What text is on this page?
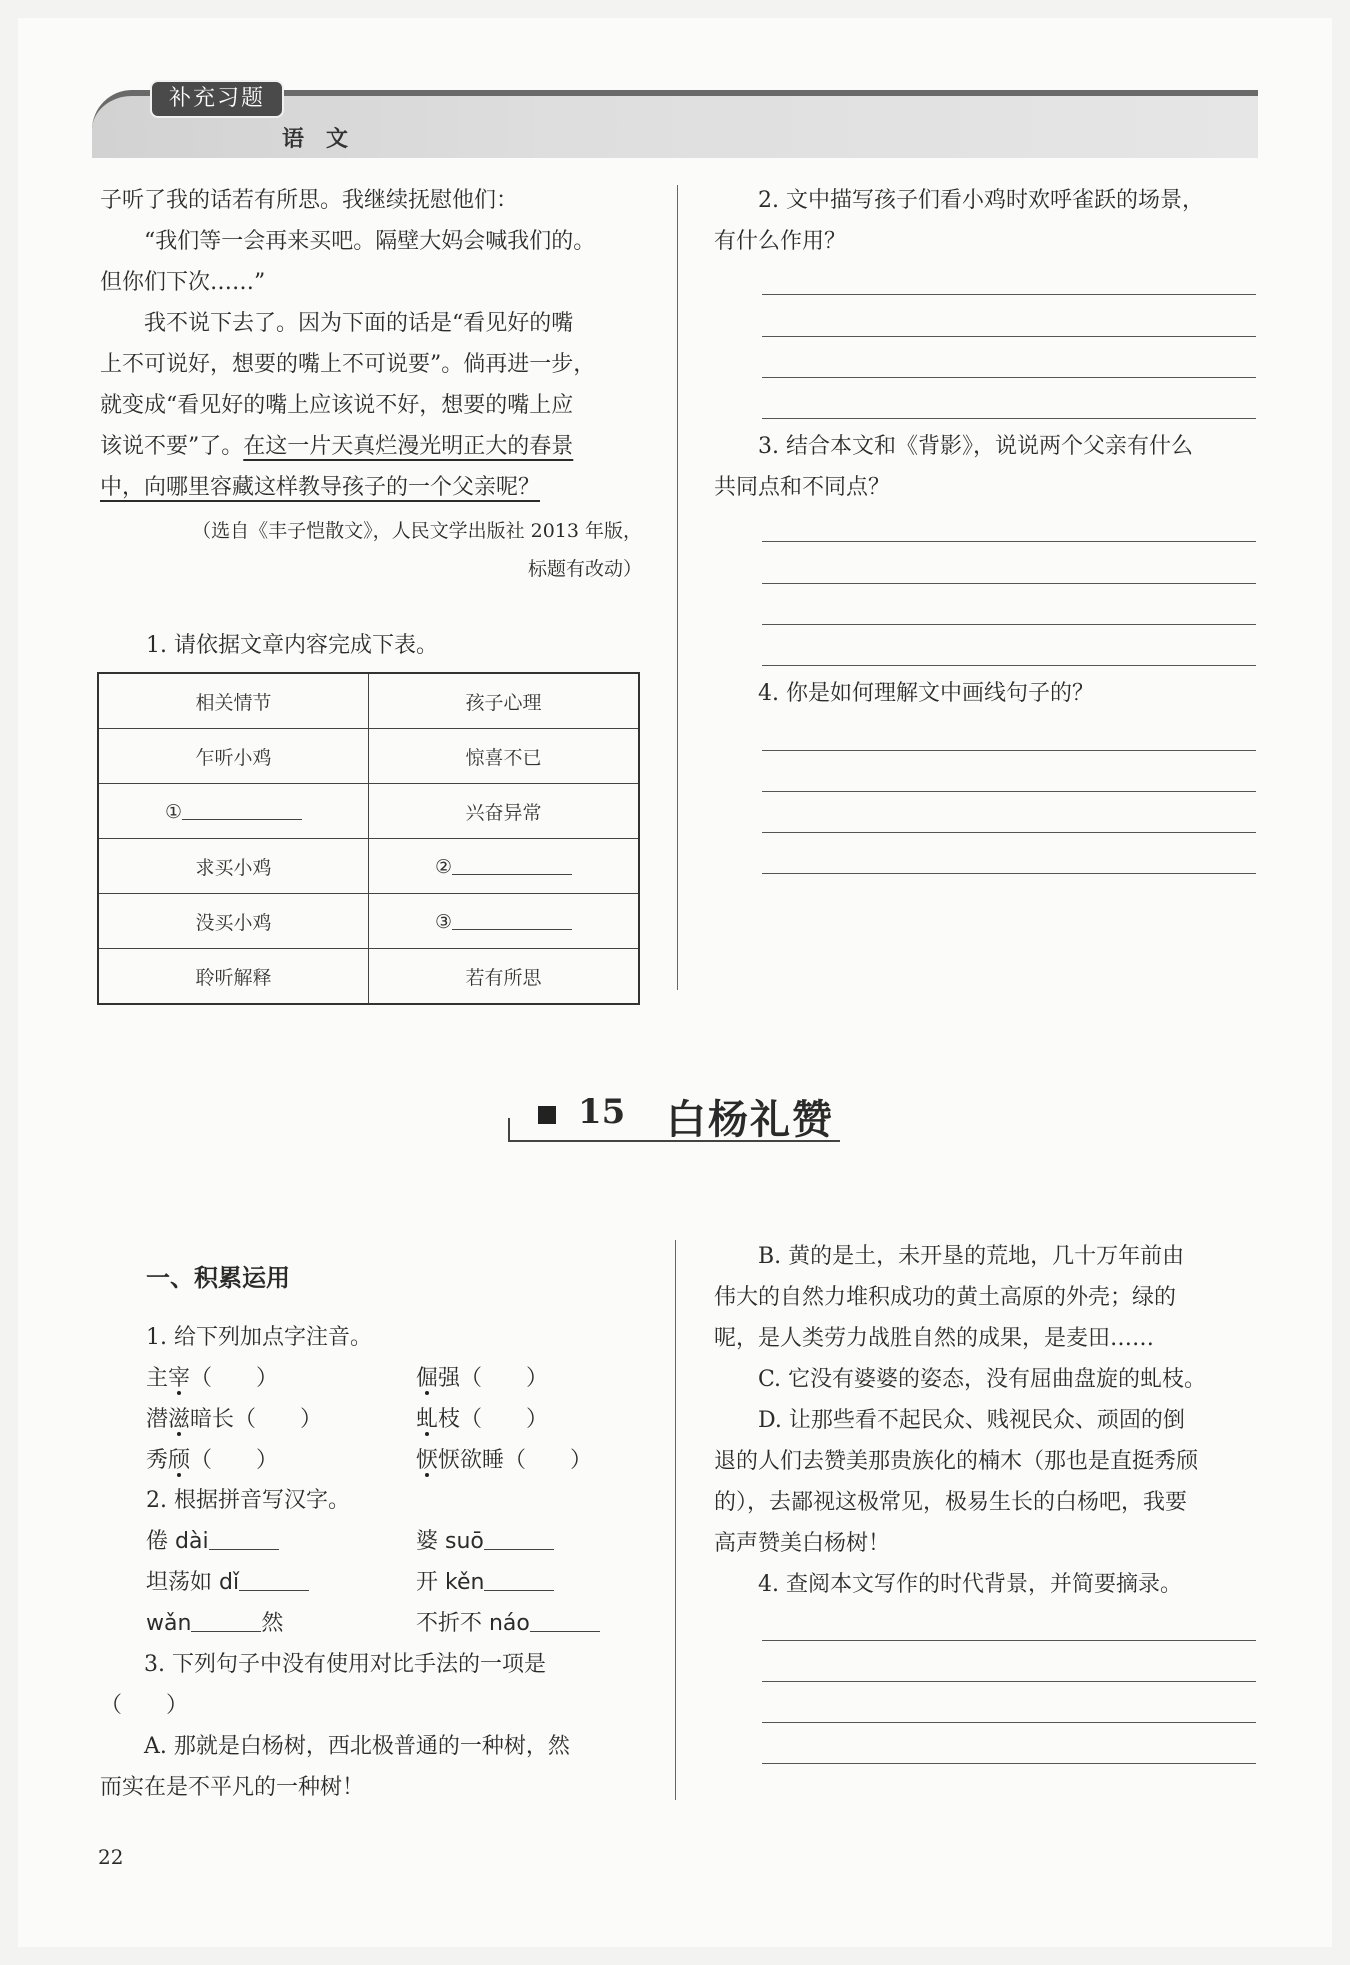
补充习题
语　文

子听了我的话若有所思。我继续抚慰他们：

“我们等一会再来买吧。隔壁大妈会喊我们的。

但你们下次……”

我不说下去了。因为下面的话是“看见好的嘴

上不可说好，想要的嘴上不可说要”。倘再进一步，

就变成“看见好的嘴上应该说不好，想要的嘴上应

该说不要”了。在这一片天真烂漫光明正大的春景

中，向哪里容藏这样教导孩子的一个父亲呢？

（选自《丰子恺散文》，人民文学出版社 2013 年版，
标题有改动）
1. 请依据文章内容完成下表。
相关情节	孩子心理
乍听小鸡	惊喜不已
①	兴奋异常
求买小鸡	②
没买小鸡	③
聆听解释	若有所思

2. 文中描写孩子们看小鸡时欢呼雀跃的场景，

有什么作用？

3. 结合本文和《背影》，说说两个父亲有什么

共同点和不同点？

4. 你是如何理解文中画线句子的？
15 白杨礼赞
一、积累运用
1. 给下列加点字注音。
主宰（　　）	倔强（　　）
潜滋暗长（　　）	虬枝（　　）
秀颀（　　）	恹恹欲睡（　　）
2. 根据拼音写汉字。
倦 dài	婆 suō
坦荡如 dǐ	开 kěn
wǎn	然	不折不 náo

3. 下列句子中没有使用对比手法的一项是

（　　）

A. 那就是白杨树，西北极普通的一种树，然

而实在是不平凡的一种树！

B. 黄的是土，未开垦的荒地，几十万年前由

伟大的自然力堆积成功的黄土高原的外壳；绿的

呢，是人类劳力战胜自然的成果，是麦田……

C. 它没有婆婆的姿态，没有屈曲盘旋的虬枝。

D. 让那些看不起民众、贱视民众、顽固的倒

退的人们去赞美那贵族化的楠木（那也是直挺秀颀

的），去鄙视这极常见，极易生长的白杨吧，我要

高声赞美白杨树！

4. 查阅本文写作的时代背景，并简要摘录。

22
